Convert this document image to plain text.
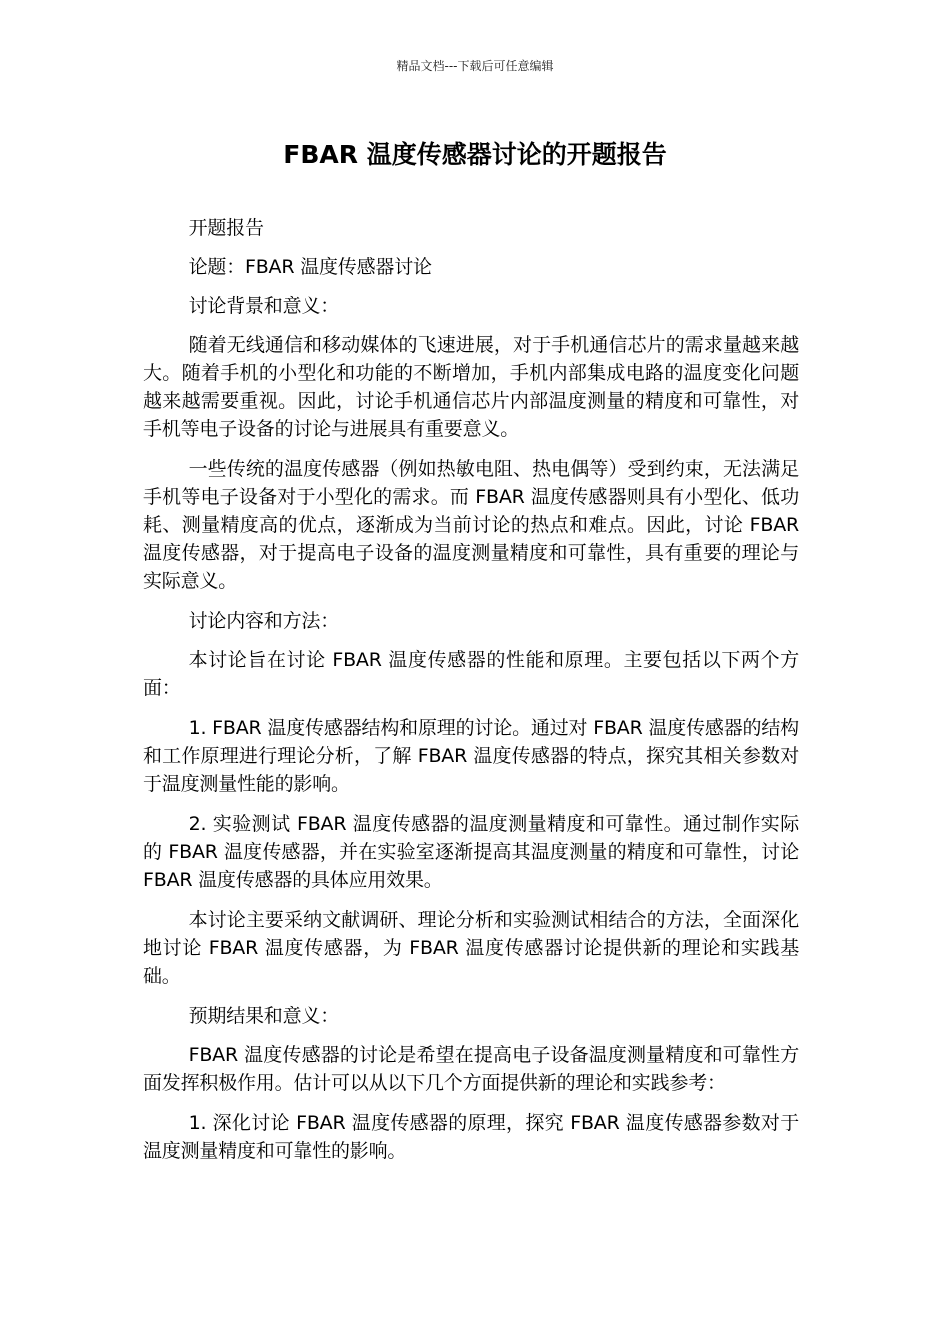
精品文档---下载后可任意编辑
FBAR 温度传感器讨论的开题报告

开题报告

论题：FBAR 温度传感器讨论

讨论背景和意义：

随着无线通信和移动媒体的飞速进展，对于手机通信芯片的需求量越来越大。随着手机的小型化和功能的不断增加，手机内部集成电路的温度变化问题越来越需要重视。因此，讨论手机通信芯片内部温度测量的精度和可靠性，对手机等电子设备的讨论与进展具有重要意义。

一些传统的温度传感器（例如热敏电阻、热电偶等）受到约束，无法满足手机等电子设备对于小型化的需求。而 FBAR 温度传感器则具有小型化、低功耗、测量精度高的优点，逐渐成为当前讨论的热点和难点。因此，讨论 FBAR 温度传感器，对于提高电子设备的温度测量精度和可靠性，具有重要的理论与实际意义。

讨论内容和方法：

本讨论旨在讨论 FBAR 温度传感器的性能和原理。主要包括以下两个方面：

1. FBAR 温度传感器结构和原理的讨论。通过对 FBAR 温度传感器的结构和工作原理进行理论分析，了解 FBAR 温度传感器的特点，探究其相关参数对于温度测量性能的影响。

2. 实验测试 FBAR 温度传感器的温度测量精度和可靠性。通过制作实际的 FBAR 温度传感器，并在实验室逐渐提高其温度测量的精度和可靠性，讨论 FBAR 温度传感器的具体应用效果。

本讨论主要采纳文献调研、理论分析和实验测试相结合的方法，全面深化地讨论 FBAR 温度传感器，为 FBAR 温度传感器讨论提供新的理论和实践基础。

预期结果和意义：

FBAR 温度传感器的讨论是希望在提高电子设备温度测量精度和可靠性方面发挥积极作用。估计可以从以下几个方面提供新的理论和实践参考：

1. 深化讨论 FBAR 温度传感器的原理，探究 FBAR 温度传感器参数对于温度测量精度和可靠性的影响。
